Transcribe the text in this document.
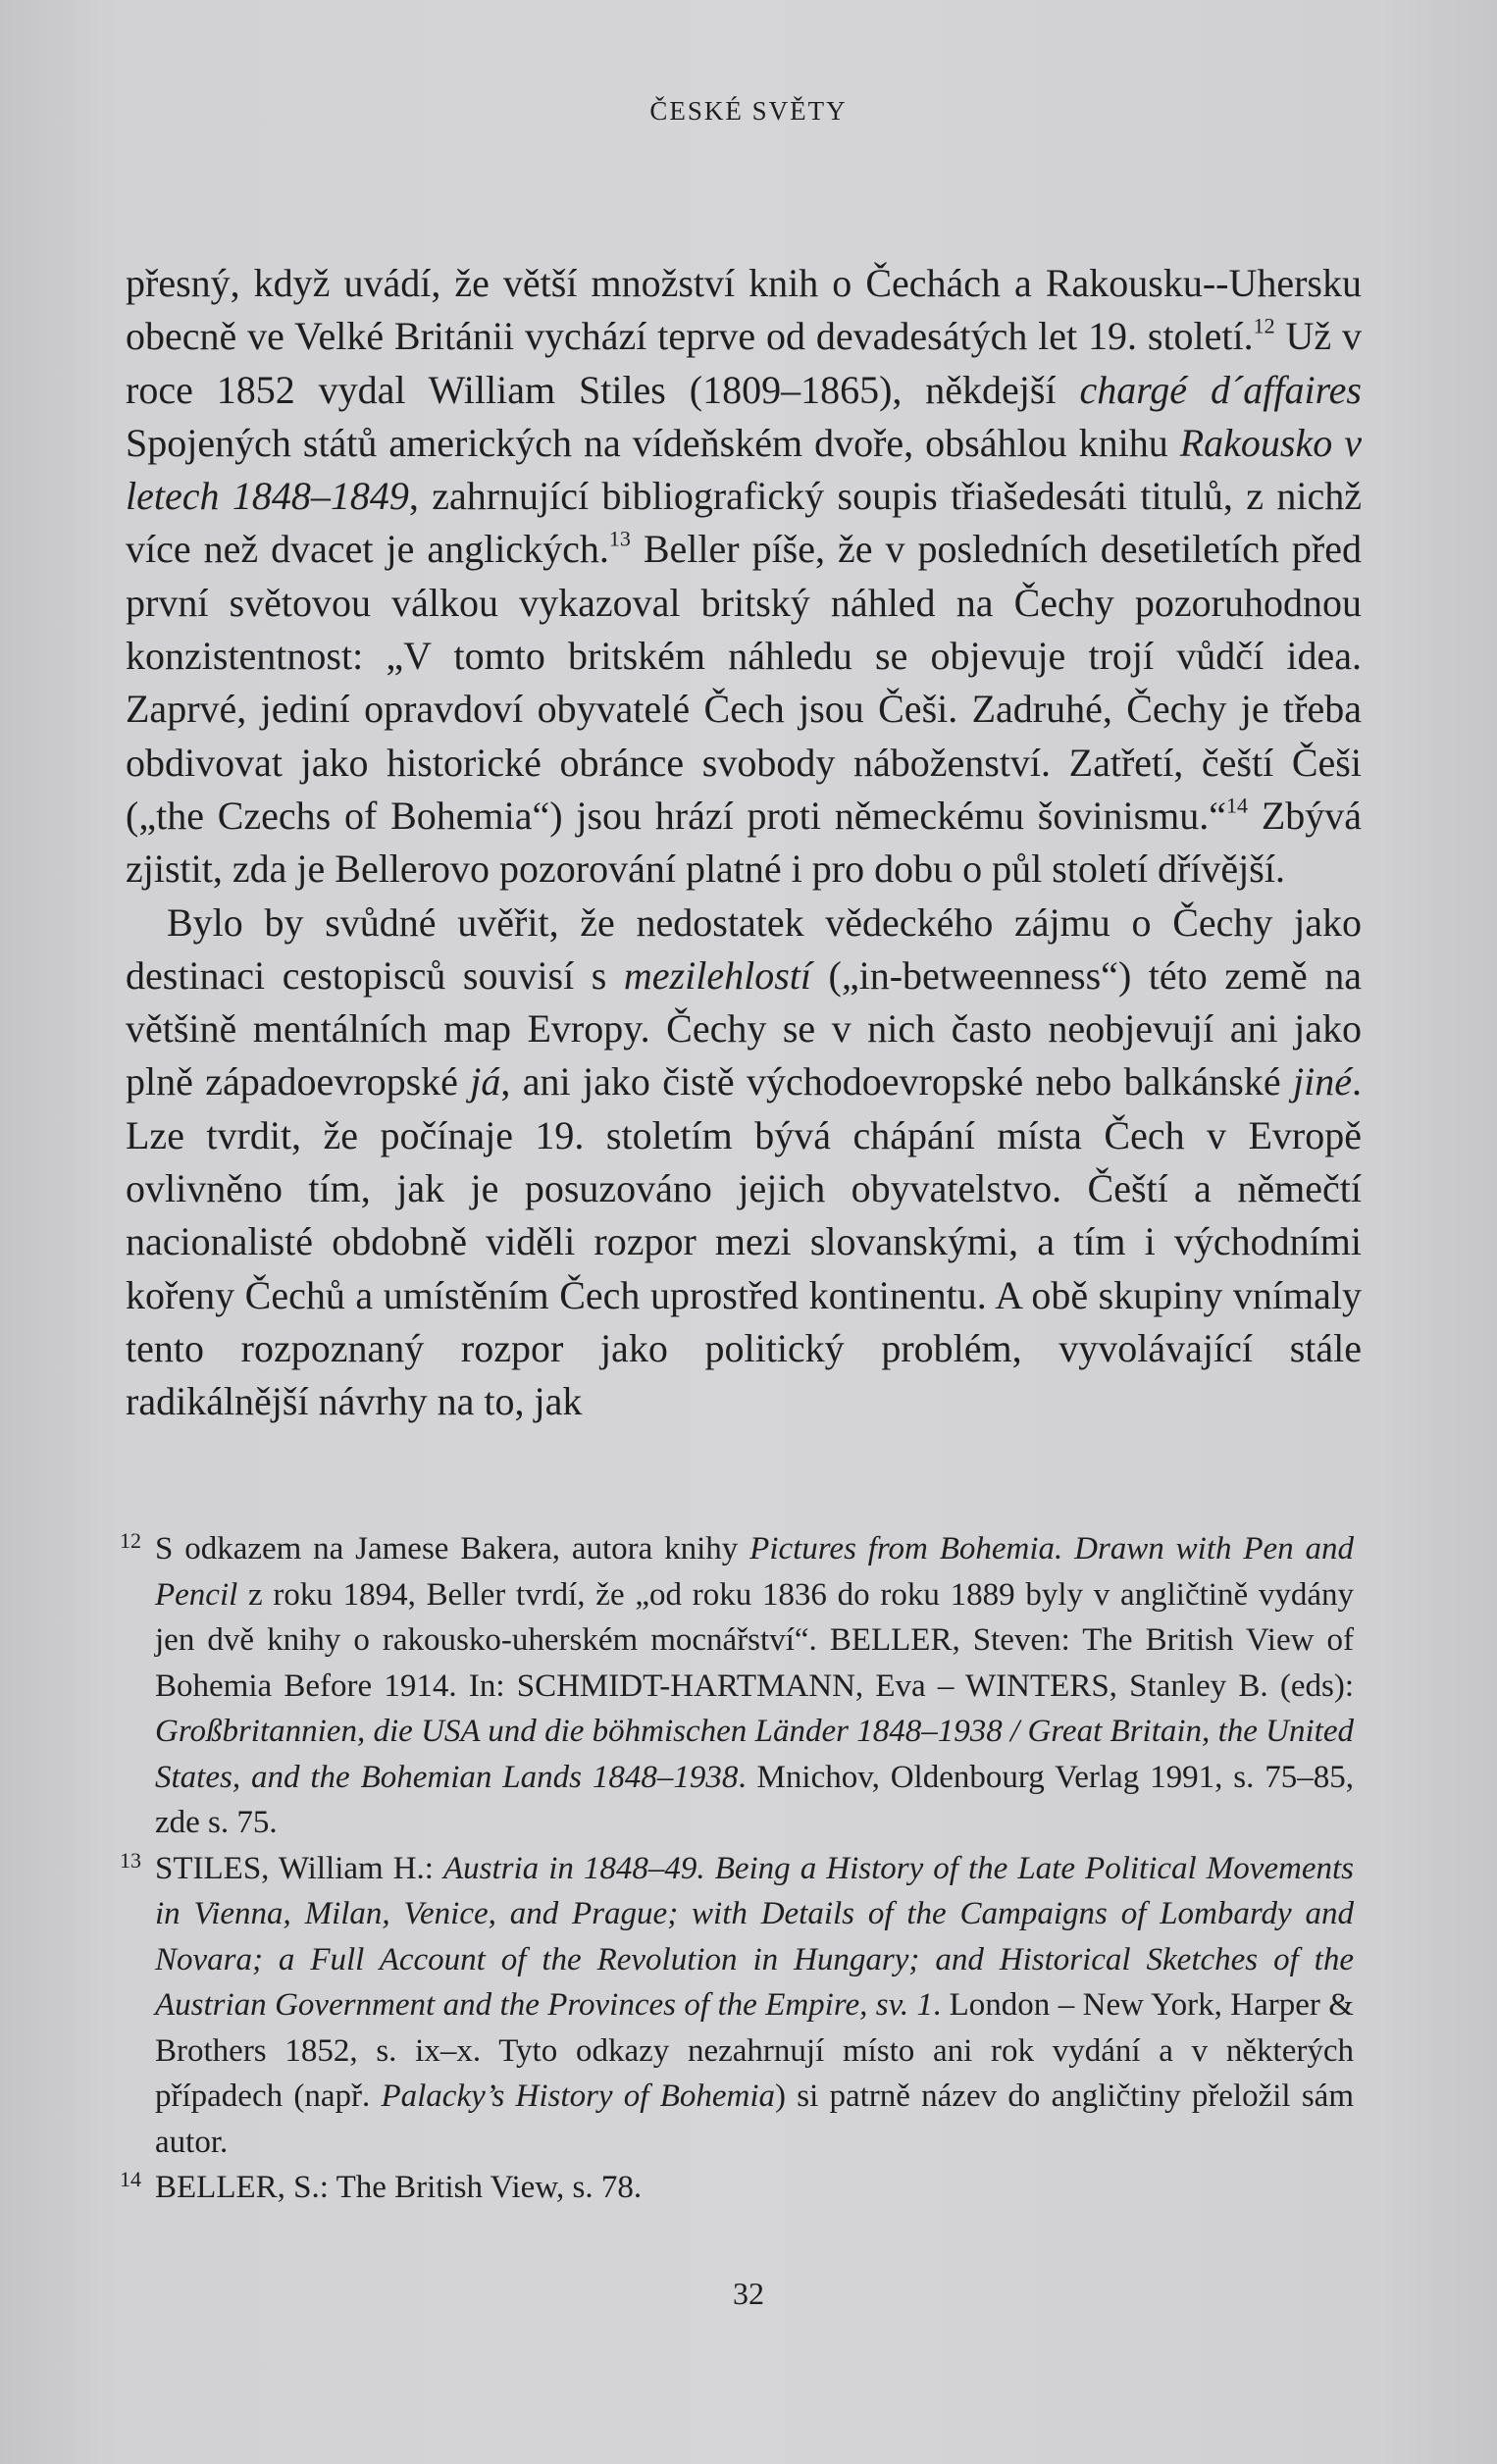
ČESKÉ SVĚTY

přesný, když uvádí, že větší množství knih o Čechách a Rakousku--Uhersku obecně ve Velké Británii vychází teprve od devadesátých let 19. století.$^{12}$ Už v roce 1852 vydal William Stiles (1809–1865), někdejší chargé d´affaires Spojených států amerických na vídeňském dvoře, obsáhlou knihu Rakousko v letech 1848–1849, zahrnující bibliografický soupis třiašedesáti titulů, z nichž více než dvacet je anglických.$^{13}$ Beller píše, že v posledních desetiletích před první světovou válkou vykazoval britský náhled na Čechy pozoruhodnou konzistentnost: „V tomto britském náhledu se objevuje trojí vůdčí idea. Zaprvé, jediní opravdoví obyvatelé Čech jsou Češi. Zadruhé, Čechy je třeba obdivovat jako historické obránce svobody náboženství. Zatřetí, čeští Češi („the Czechs of Bohemia“) jsou hrází proti německému šovinismu.“$^{14}$ Zbývá zjistit, zda je Bellerovo pozorování platné i pro dobu o půl století dřívější.

Bylo by svůdné uvěřit, že nedostatek vědeckého zájmu o Čechy jako destinaci cestopisců souvisí s mezilehlostí („in-betweenness“) této země na většině mentálních map Evropy. Čechy se v nich často neobjevují ani jako plně západoevropské já, ani jako čistě východoevropské nebo balkánské jiné. Lze tvrdit, že počínaje 19. stoletím bývá chápání místa Čech v Evropě ovlivněno tím, jak je posuzováno jejich obyvatelstvo. Čeští a němečtí nacionalisté obdobně viděli rozpor mezi slovanskými, a tím i východními kořeny Čechů a umístěním Čech uprostřed kontinentu. A obě skupiny vnímaly tento rozpoznaný rozpor jako politický problém, vyvolávající stále radikálnější návrhy na to, jak

12 S odkazem na Jamese Bakera, autora knihy Pictures from Bohemia. Drawn with Pen and Pencil z roku 1894, Beller tvrdí, že „od roku 1836 do roku 1889 byly v angličtině vydány jen dvě knihy o rakousko-uherském mocnářství“. BELLER, Steven: The British View of Bohemia Before 1914. In: SCHMIDT-HARTMANN, Eva – WINTERS, Stanley B. (eds): Großbritannien, die USA und die böhmischen Länder 1848–1938 / Great Britain, the United States, and the Bohemian Lands 1848–1938. Mnichov, Oldenbourg Verlag 1991, s. 75–85, zde s. 75.
13 STILES, William H.: Austria in 1848–49. Being a History of the Late Political Movements in Vienna, Milan, Venice, and Prague; with Details of the Campaigns of Lombardy and Novara; a Full Account of the Revolution in Hungary; and Historical Sketches of the Austrian Government and the Provinces of the Empire, sv. 1. London – New York, Harper & Brothers 1852, s. ix–x. Tyto odkazy nezahrnují místo ani rok vydání a v některých případech (např. Palacky’s History of Bohemia) si patrně název do angličtiny přeložil sám autor.
14 BELLER, S.: The British View, s. 78.
32
